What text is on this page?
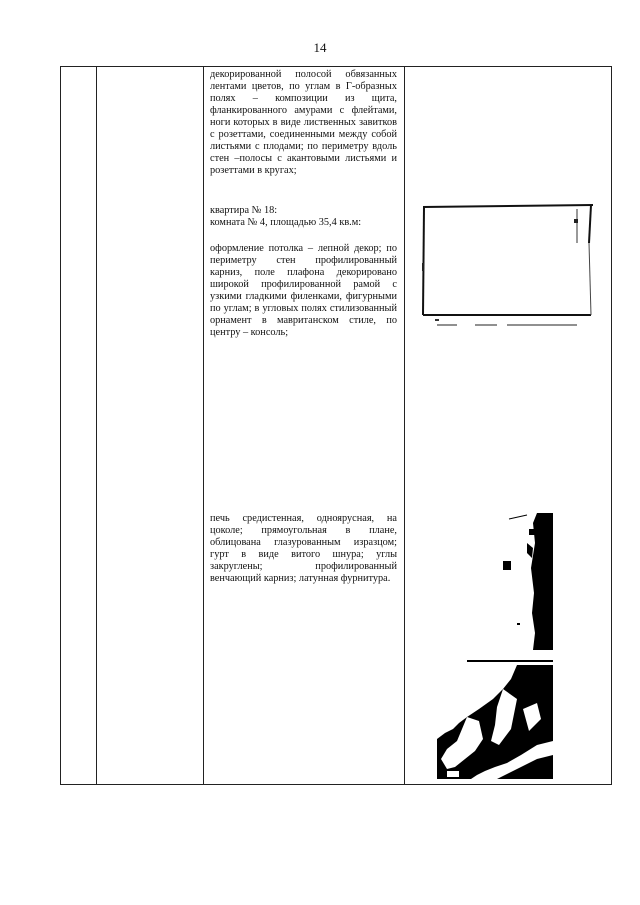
14
декорированной полосой обвязанных лентами цветов, по углам в Г-образных полях – композиции из щита, фланкированного амурами с флейтами, ноги которых в виде лиственных завитков с розеттами, соединенными между собой листьями с плодами; по периметру вдоль стен –полосы с акантовыми листьями и розеттами в кругах;
квартира № 18:
комната № 4, площадью 35,4 кв.м:
оформление потолка – лепной декор; по периметру стен профилированный карниз, поле плафона декорировано широкой профилированной рамой с узкими гладкими филенками, фигурными по углам; в угловых полях стилизованный орнамент в мавританском стиле, по центру – консоль;
печь средистенная, одноярусная, на цоколе; прямоугольная в плане, облицована глазурованным изразцом; гурт в виде витого шнура; углы закруглены; профилированный венчающий карниз; латунная фурнитура.
